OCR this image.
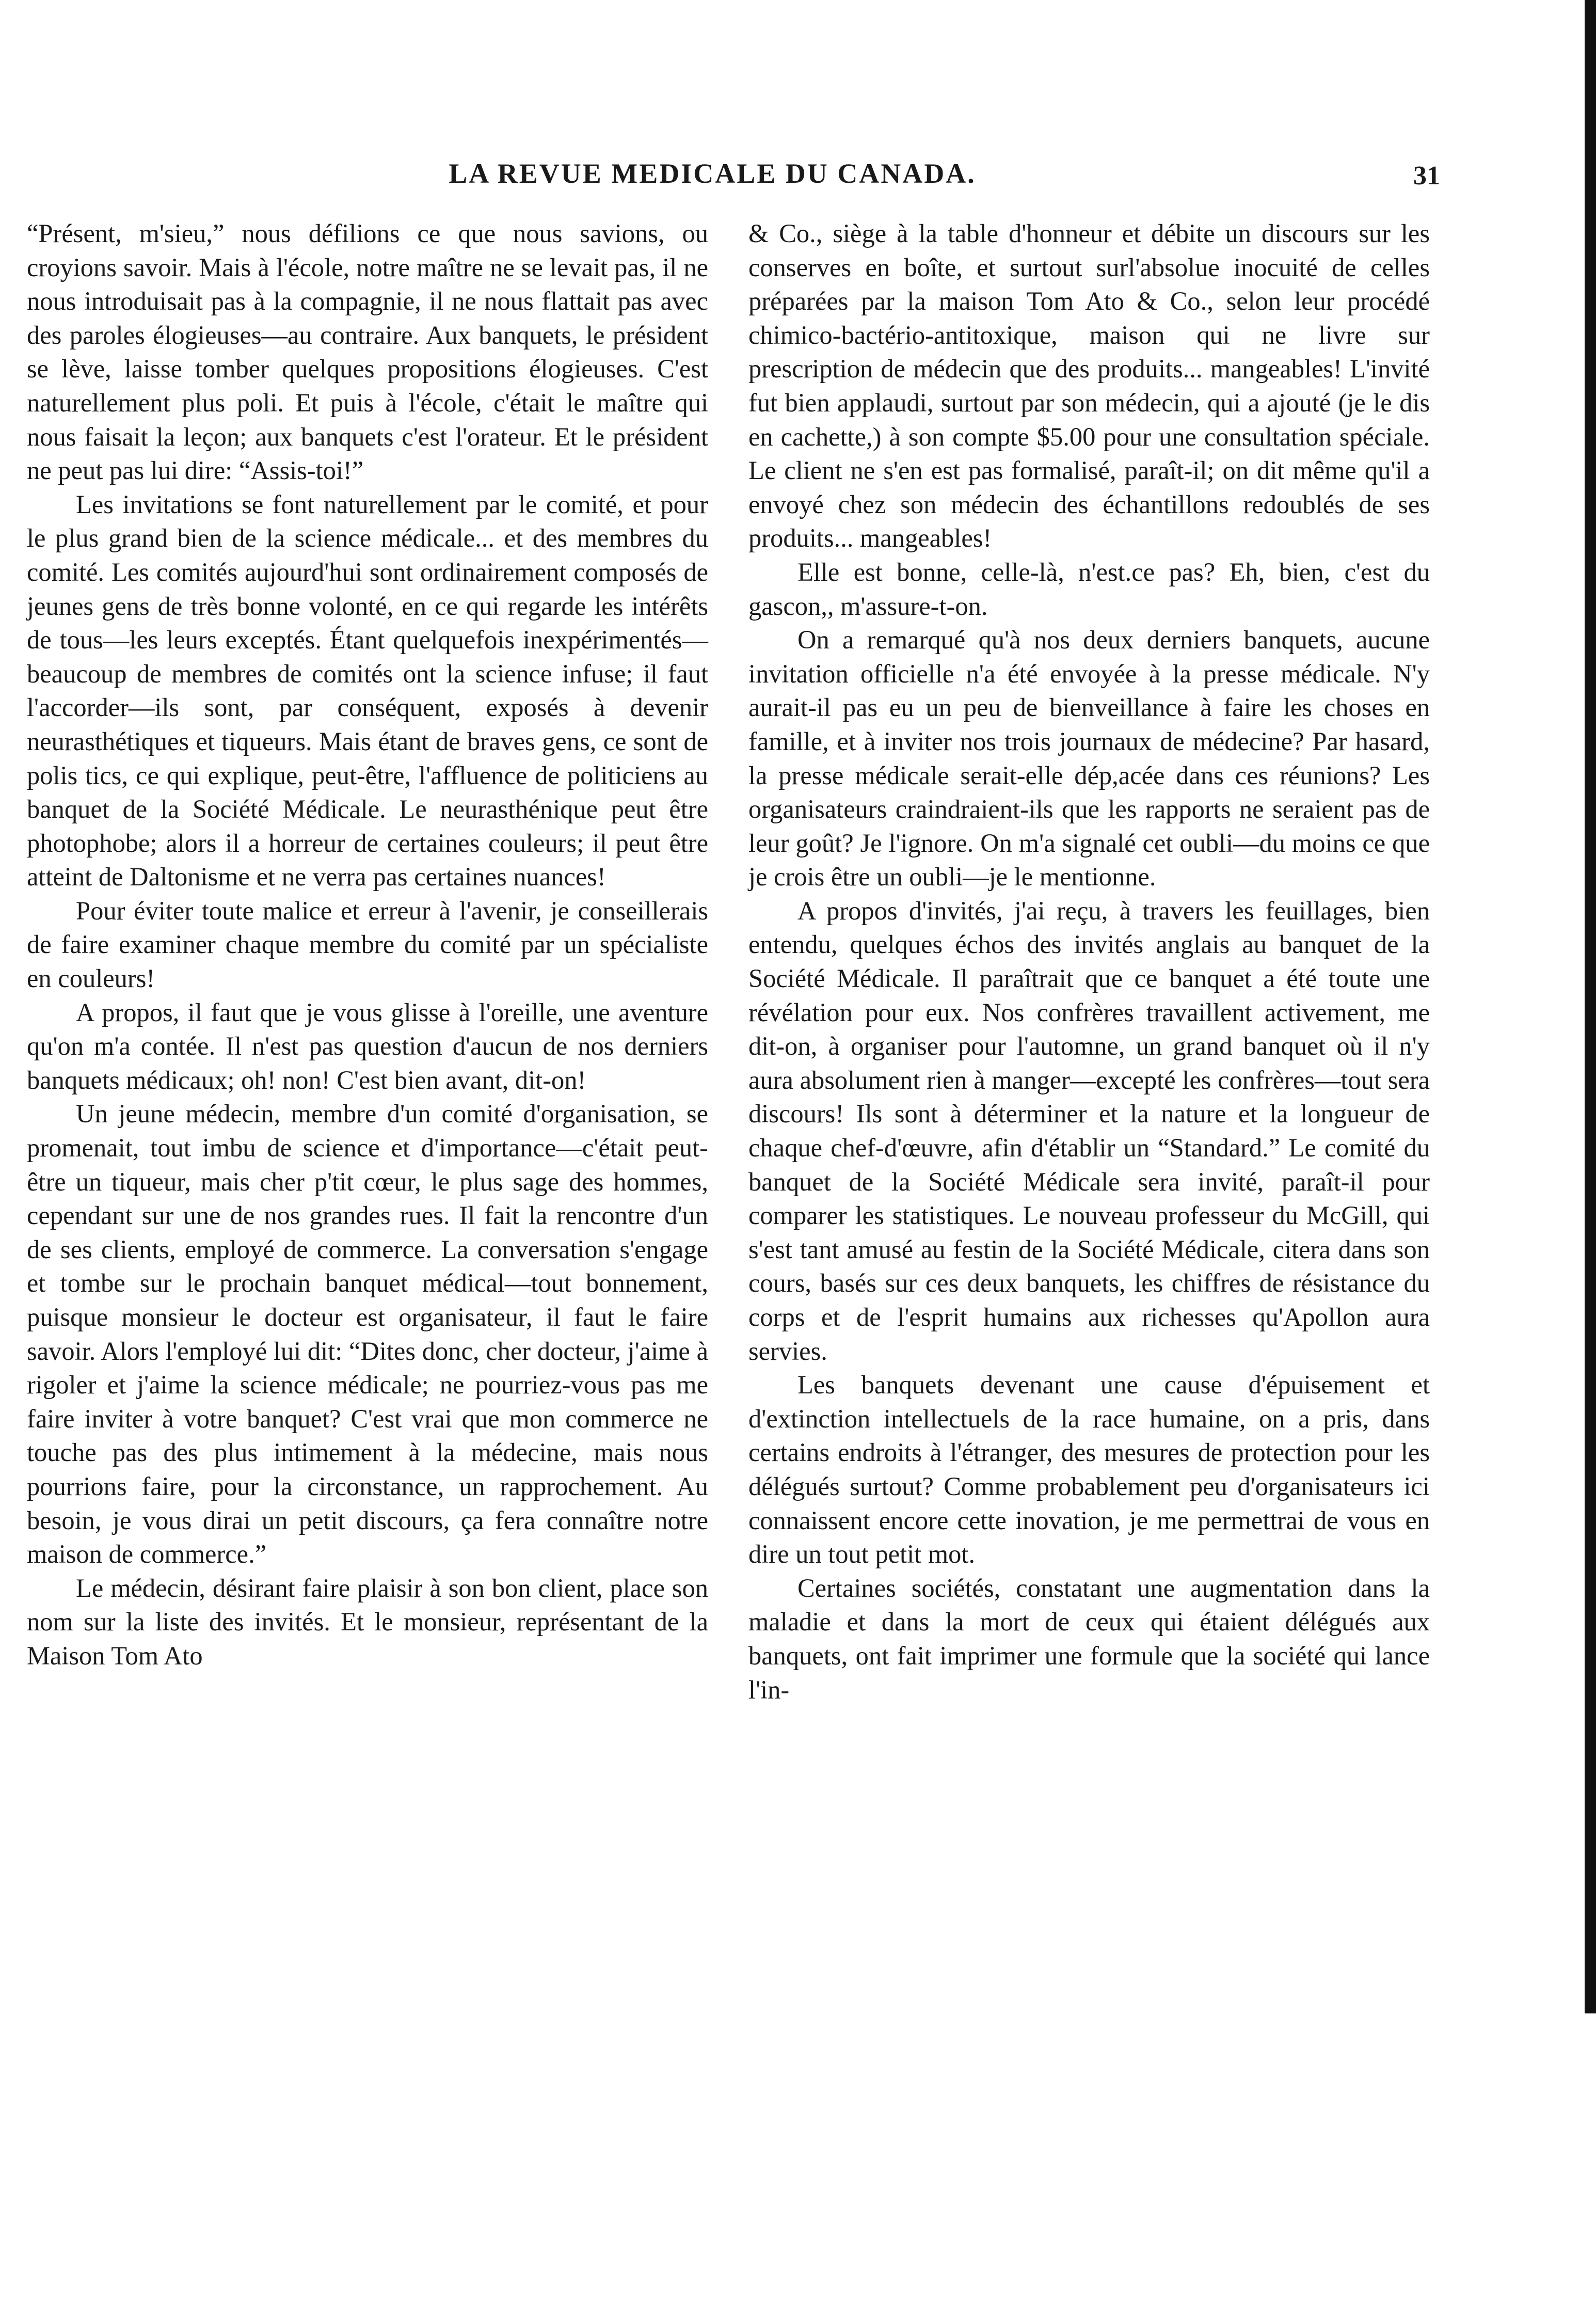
LA REVUE MEDICALE DU CANADA.	31

“Présent, m'sieu,” nous défilions ce que nous savions, ou croyions savoir. Mais à l'école, notre maître ne se levait pas, il ne nous introduisait pas à la compagnie, il ne nous flattait pas avec des paroles élogieuses—au contraire. Aux banquets, le président se lève, laisse tomber quelques propositions élogieuses. C'est naturellement plus poli. Et puis à l'école, c'était le maître qui nous faisait la leçon; aux banquets c'est l'orateur. Et le président ne peut pas lui dire: “Assis-toi!”

Les invitations se font naturellement par le comité, et pour le plus grand bien de la science médicale... et des membres du comité. Les comités aujourd'hui sont ordinairement composés de jeunes gens de très bonne volonté, en ce qui regarde les intérêts de tous—les leurs exceptés. Étant quelquefois inexpérimentés—beaucoup de membres de comités ont la science infuse; il faut l'accorder—ils sont, par conséquent, exposés à devenir neurasthétiques et tiqueurs. Mais étant de braves gens, ce sont de polis tics, ce qui explique, peut-être, l'affluence de politiciens au banquet de la Société Médicale. Le neurasthénique peut être photophobe; alors il a horreur de certaines couleurs; il peut être atteint de Daltonisme et ne verra pas certaines nuances!

Pour éviter toute malice et erreur à l'avenir, je conseillerais de faire examiner chaque membre du comité par un spécialiste en couleurs!

A propos, il faut que je vous glisse à l'oreille, une aventure qu'on m'a contée. Il n'est pas question d'aucun de nos derniers banquets médicaux; oh! non! C'est bien avant, dit-on!

Un jeune médecin, membre d'un comité d'organisation, se promenait, tout imbu de science et d'importance—c'était peut-être un tiqueur, mais cher p'tit cœur, le plus sage des hommes, cependant sur une de nos grandes rues. Il fait la rencontre d'un de ses clients, employé de commerce. La conversation s'engage et tombe sur le prochain banquet médical—tout bonnement, puisque monsieur le docteur est organisateur, il faut le faire savoir. Alors l'employé lui dit: “Dites donc, cher docteur, j'aime à rigoler et j'aime la science médicale; ne pourriez-vous pas me faire inviter à votre banquet? C'est vrai que mon commerce ne touche pas des plus intimement à la médecine, mais nous pourrions faire, pour la circonstance, un rapprochement. Au besoin, je vous dirai un petit discours, ça fera connaître notre maison de commerce.”

Le médecin, désirant faire plaisir à son bon client, place son nom sur la liste des invités. Et le monsieur, représentant de la Maison Tom Ato

& Co., siège à la table d'honneur et débite un discours sur les conserves en boîte, et surtout surl'absolue inocuité de celles préparées par la maison Tom Ato & Co., selon leur procédé chimico-bactério-antitoxique, maison qui ne livre sur prescription de médecin que des produits... mangeables! L'invité fut bien applaudi, surtout par son médecin, qui a ajouté (je le dis en cachette,) à son compte $5.00 pour une consultation spéciale. Le client ne s'en est pas formalisé, paraît-il; on dit même qu'il a envoyé chez son médecin des échantillons redoublés de ses produits... mangeables!

Elle est bonne, celle-là, n'est.ce pas? Eh, bien, c'est du gascon,, m'assure-t-on.

On a remarqué qu'à nos deux derniers banquets, aucune invitation officielle n'a été envoyée à la presse médicale. N'y aurait-il pas eu un peu de bienveillance à faire les choses en famille, et à inviter nos trois journaux de médecine? Par hasard, la presse médicale serait-elle dép,acée dans ces réunions? Les organisateurs craindraient-ils que les rapports ne seraient pas de leur goût? Je l'ignore. On m'a signalé cet oubli—du moins ce que je crois être un oubli—je le mentionne.

A propos d'invités, j'ai reçu, à travers les feuillages, bien entendu, quelques échos des invités anglais au banquet de la Société Médicale. Il paraîtrait que ce banquet a été toute une révélation pour eux. Nos confrères travaillent activement, me dit-on, à organiser pour l'automne, un grand banquet où il n'y aura absolument rien à manger—excepté les confrères—tout sera discours! Ils sont à déterminer et la nature et la longueur de chaque chef-d'œuvre, afin d'établir un “Standard.” Le comité du banquet de la Société Médicale sera invité, paraît-il pour comparer les statistiques. Le nouveau professeur du McGill, qui s'est tant amusé au festin de la Société Médicale, citera dans son cours, basés sur ces deux banquets, les chiffres de résistance du corps et de l'esprit humains aux richesses qu'Apollon aura servies.

Les banquets devenant une cause d'épuisement et d'extinction intellectuels de la race humaine, on a pris, dans certains endroits à l'étranger, des mesures de protection pour les délégués surtout? Comme probablement peu d'organisateurs ici connaissent encore cette inovation, je me permettrai de vous en dire un tout petit mot.

Certaines sociétés, constatant une augmentation dans la maladie et dans la mort de ceux qui étaient délégués aux banquets, ont fait imprimer une formule que la société qui lance l'in-
